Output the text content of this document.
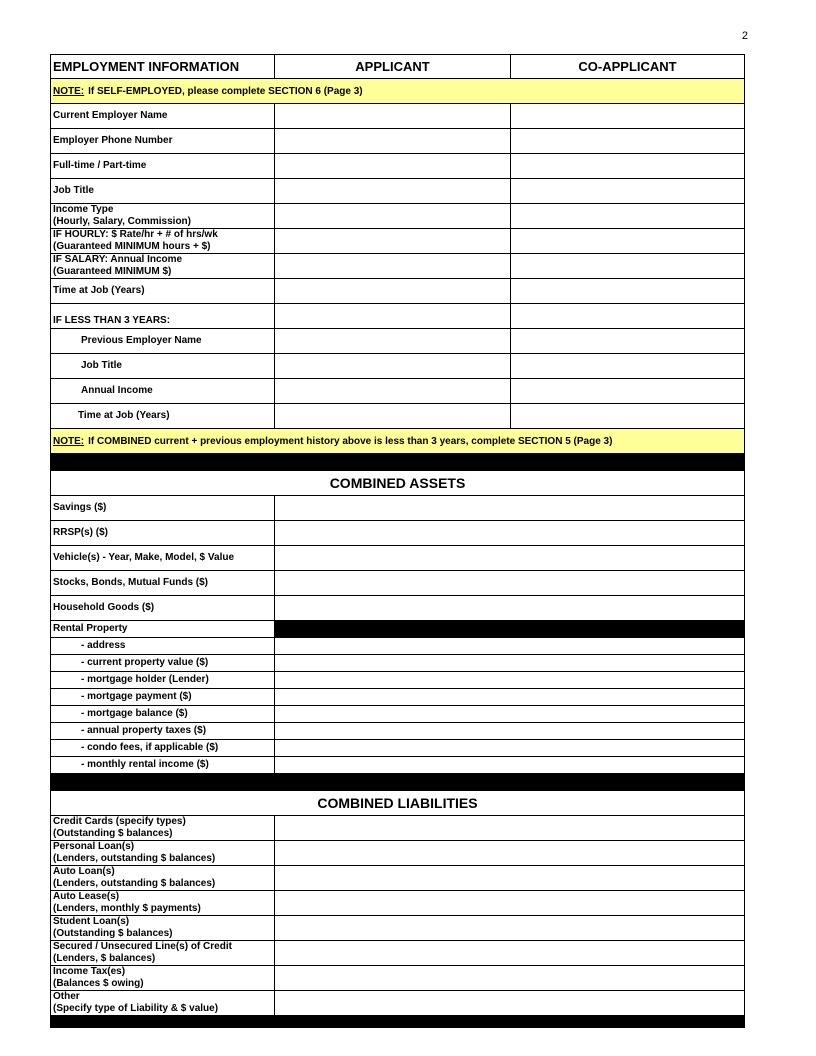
2
EMPLOYMENT INFORMATION	APPLICANT	CO-APPLICANT
NOTE: If SELF-EMPLOYED, please complete SECTION 6 (Page 3)
Current Employer Name
Employer Phone Number
Full-time / Part-time
Job Title
Income Type
(Hourly, Salary, Commission)
IF HOURLY: $ Rate/hr + # of hrs/wk
(Guaranteed MINIMUM hours + $)
IF SALARY: Annual Income
(Guaranteed MINIMUM $)
Time at Job (Years)
IF LESS THAN 3 YEARS:
Previous Employer Name
Job Title
Annual Income
Time at Job (Years)
NOTE: If COMBINED current + previous employment history above is less than 3 years, complete SECTION 5 (Page 3)
COMBINED ASSETS
Savings ($)
RRSP(s) ($)
Vehicle(s) - Year, Make, Model, $ Value
Stocks, Bonds, Mutual Funds ($)
Household Goods ($)
Rental Property
- address
- current property value ($)
- mortgage holder (Lender)
- mortgage payment ($)
- mortgage balance ($)
- annual property taxes ($)
- condo fees, if applicable ($)
- monthly rental income ($)
COMBINED LIABILITIES
Credit Cards (specify types)
(Outstanding $ balances)
Personal Loan(s)
(Lenders, outstanding $ balances)
Auto Loan(s)
(Lenders, outstanding $ balances)
Auto Lease(s)
(Lenders, monthly $ payments)
Student Loan(s)
(Outstanding $ balances)
Secured / Unsecured Line(s) of Credit
(Lenders, $ balances)
Income Tax(es)
(Balances $ owing)
Other
(Specify type of Liability & $ value)
